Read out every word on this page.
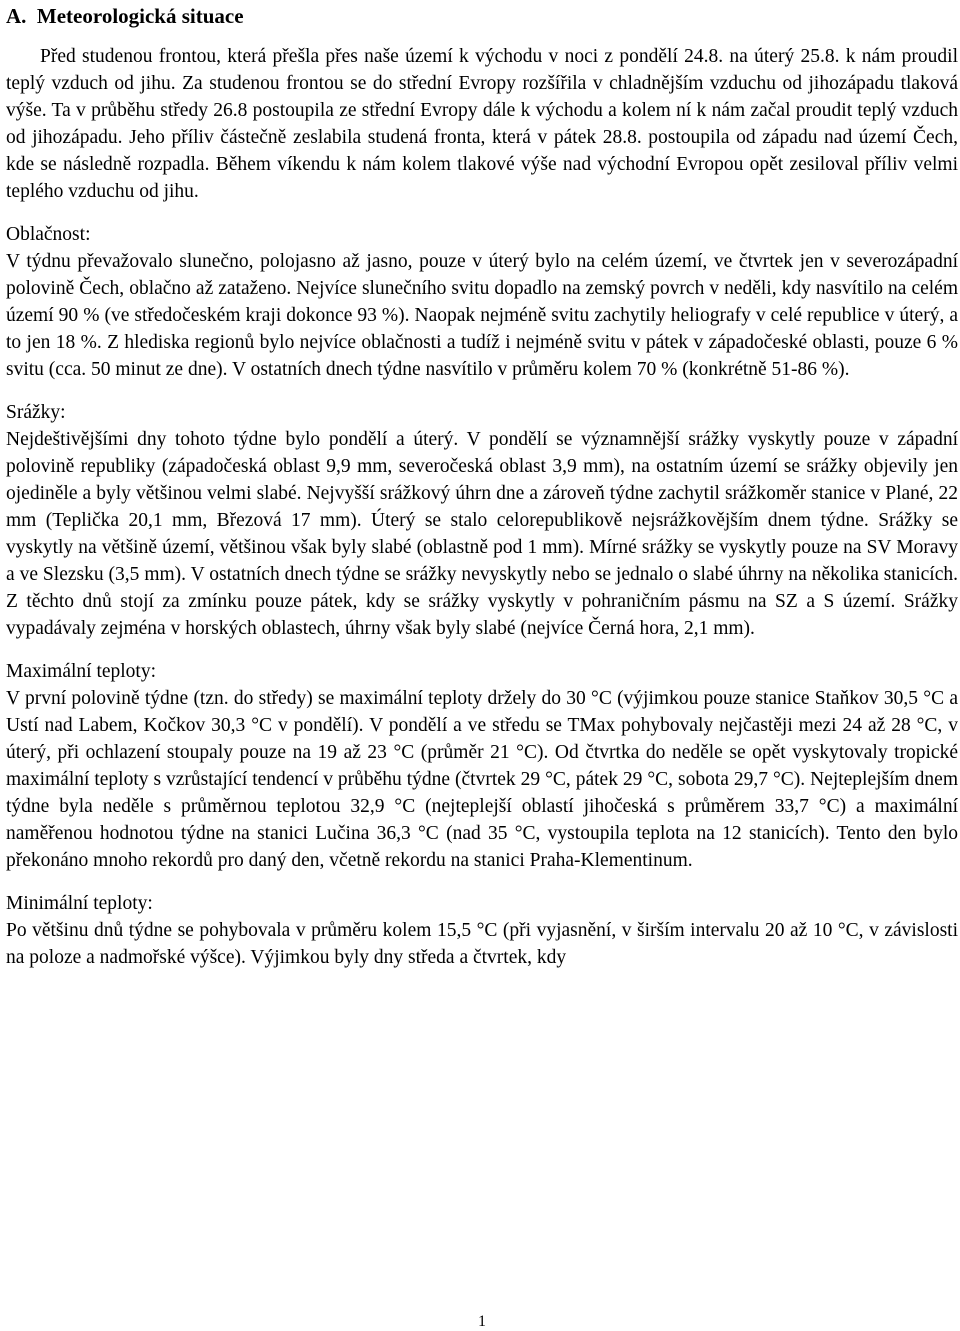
A.  Meteorologická situace

Před studenou frontou, která přešla přes naše území k východu v noci z pondělí 24.8. na úterý 25.8. k nám proudil teplý vzduch od jihu. Za studenou frontou se do střední Evropy rozšířila v chladnějším vzduchu od jihozápadu tlaková výše. Ta v průběhu středy 26.8 postoupila ze střední Evropy dále k východu a kolem ní k nám začal proudit teplý vzduch od jihozápadu. Jeho příliv částečně zeslabila studená fronta, která v pátek 28.8. postoupila od západu nad území Čech, kde se následně rozpadla. Během víkendu k nám kolem tlakové výše nad východní Evropou opět zesiloval příliv velmi teplého vzduchu od jihu.

Oblačnost:

V týdnu převažovalo slunečno, polojasno až jasno, pouze v úterý bylo na celém území, ve čtvrtek jen v severozápadní polovině Čech, oblačno až zataženo. Nejvíce slunečního svitu dopadlo na zemský povrch v neděli, kdy nasvítilo na celém území 90 % (ve středočeském kraji dokonce 93 %). Naopak nejméně svitu zachytily heliografy v celé republice v úterý, a to jen 18 %. Z hlediska regionů bylo nejvíce oblačnosti a tudíž i nejméně svitu v pátek v západočeské oblasti, pouze 6 % svitu (cca. 50 minut ze dne). V ostatních dnech týdne nasvítilo v průměru kolem 70 % (konkrétně 51-86 %).

Srážky:

Nejdeštivějšími dny tohoto týdne bylo pondělí a úterý. V pondělí se významnější srážky vyskytly pouze v západní polovině republiky (západočeská oblast 9,9 mm, severočeská oblast 3,9 mm), na ostatním území se srážky objevily jen ojediněle a byly většinou velmi slabé. Nejvyšší srážkový úhrn dne a zároveň týdne zachytil srážkoměr stanice v Plané, 22 mm (Teplička 20,1 mm, Březová 17 mm). Úterý se stalo celorepublikově nejsrážkovějším dnem týdne. Srážky se vyskytly na většině území, většinou však byly slabé (oblastně pod 1 mm). Mírné srážky se vyskytly pouze na SV Moravy a ve Slezsku (3,5 mm). V ostatních dnech týdne se srážky nevyskytly nebo se jednalo o slabé úhrny na několika stanicích. Z těchto dnů stojí za zmínku pouze pátek, kdy se srážky vyskytly v pohraničním pásmu na SZ a S území. Srážky vypadávaly zejména v horských oblastech, úhrny však byly slabé (nejvíce Černá hora, 2,1 mm).

Maximální teploty:

V první polovině týdne (tzn. do středy) se maximální teploty držely do 30 °C (výjimkou pouze stanice Staňkov 30,5 °C a Ustí nad Labem, Kočkov 30,3 °C v pondělí). V pondělí a ve středu se TMax pohybovaly nejčastěji mezi 24 až 28 °C, v úterý, při ochlazení stoupaly pouze na 19 až 23 °C (průměr 21 °C). Od čtvrtka do neděle se opět vyskytovaly tropické maximální teploty s vzrůstající tendencí v průběhu týdne (čtvrtek 29 °C, pátek 29 °C, sobota 29,7 °C). Nejteplejším dnem týdne byla neděle s průměrnou teplotou 32,9 °C (nejteplejší oblastí jihočeská s průměrem 33,7 °C) a maximální naměřenou hodnotou týdne na stanici Lučina 36,3 °C (nad 35 °C, vystoupila teplota na 12 stanicích). Tento den bylo překonáno mnoho rekordů pro daný den, včetně rekordu na stanici Praha-Klementinum.

Minimální teploty:

Po většinu dnů týdne se pohybovala v průměru kolem 15,5 °C (při vyjasnění, v širším intervalu 20 až 10 °C, v závislosti na poloze a nadmořské výšce). Výjimkou byly dny středa a čtvrtek, kdy

1
